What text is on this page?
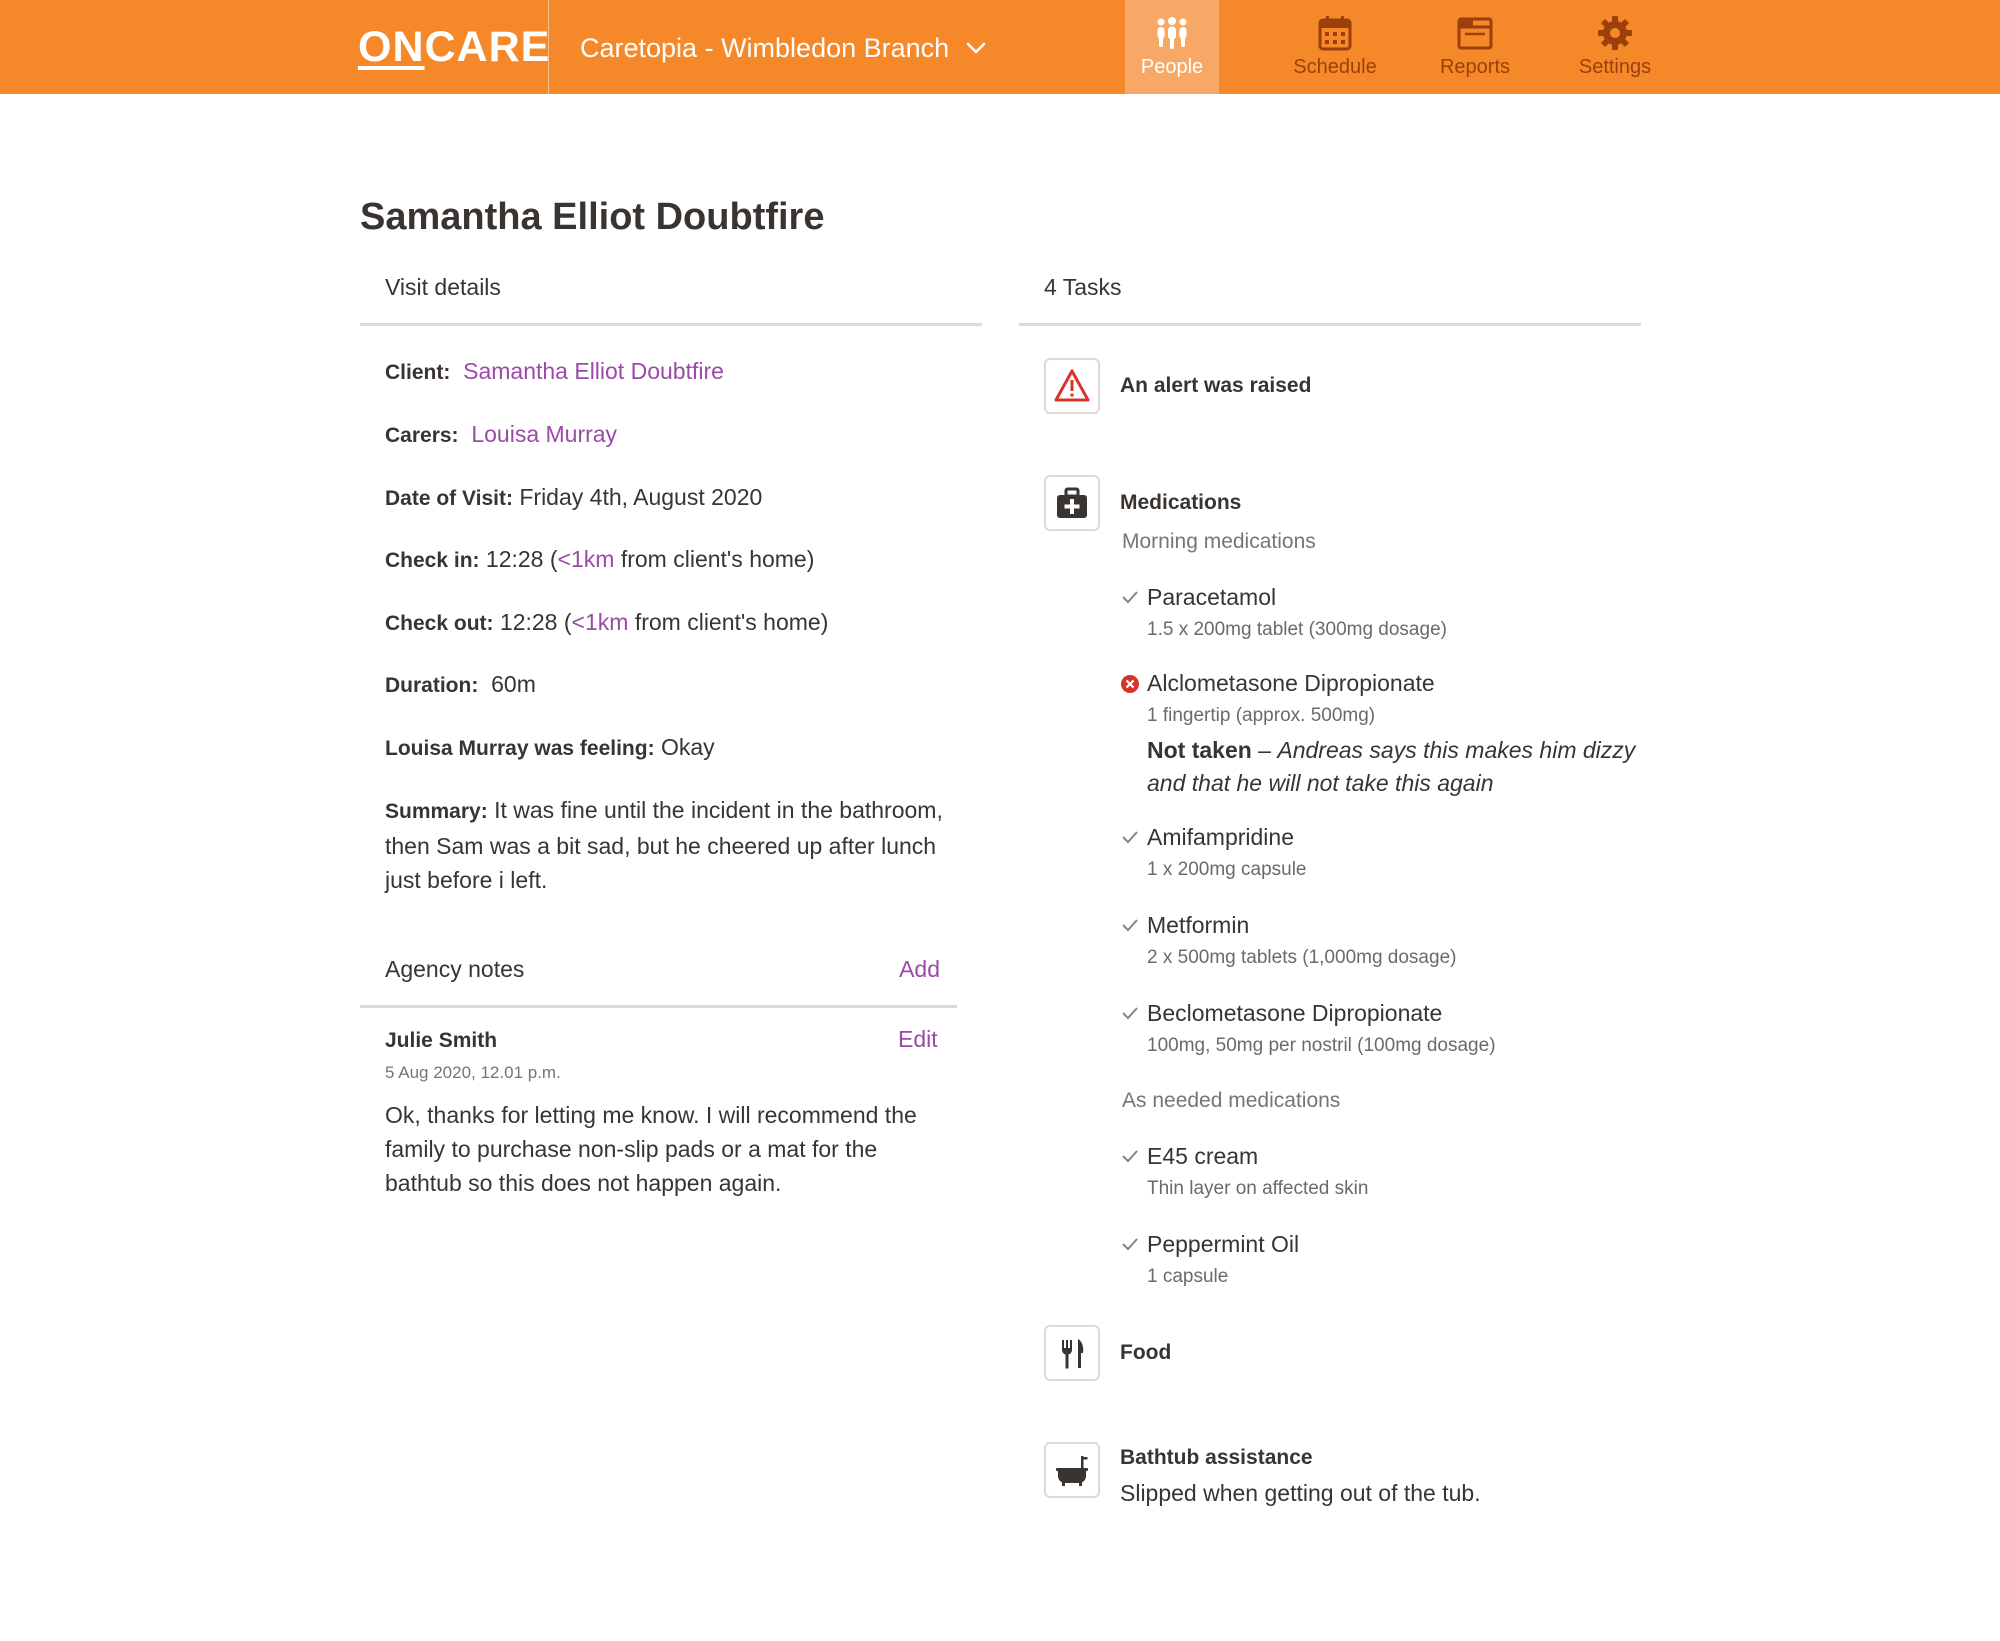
ONCARE Caretopia - Wimbledon Branch
People	Schedule	Reports	Settings
Samantha Elliot Doubtfire
Visit details
Client: Samantha Elliot Doubtfire
Carers: Louisa Murray
Date of Visit: Friday 4th, August 2020
Check in: 12:28 (<1km from client's home)
Check out: 12:28 (<1km from client's home)
Duration: 60m
Louisa Murray was feeling: Okay
Summary: It was fine until the incident in the bathroom, then Sam was a bit sad, but he cheered up after lunch just before i left.
Agency notes	Add
Julie Smith	Edit
5 Aug 2020, 12.01 p.m.
Ok, thanks for letting me know. I will recommend the family to purchase non-slip pads or a mat for the bathtub so this does not happen again.
4 Tasks
An alert was raised
Medications
Morning medications
Paracetamol
1.5 x 200mg tablet (300mg dosage)
Alclometasone Dipropionate
1 fingertip (approx. 500mg)
Not taken – Andreas says this makes him dizzy and that he will not take this again
Amifampridine
1 x 200mg capsule
Metformin
2 x 500mg tablets (1,000mg dosage)
Beclometasone Dipropionate
100mg, 50mg per nostril (100mg dosage)
As needed medications
E45 cream
Thin layer on affected skin
Peppermint Oil
1 capsule
Food
Bathtub assistance
Slipped when getting out of the tub.
